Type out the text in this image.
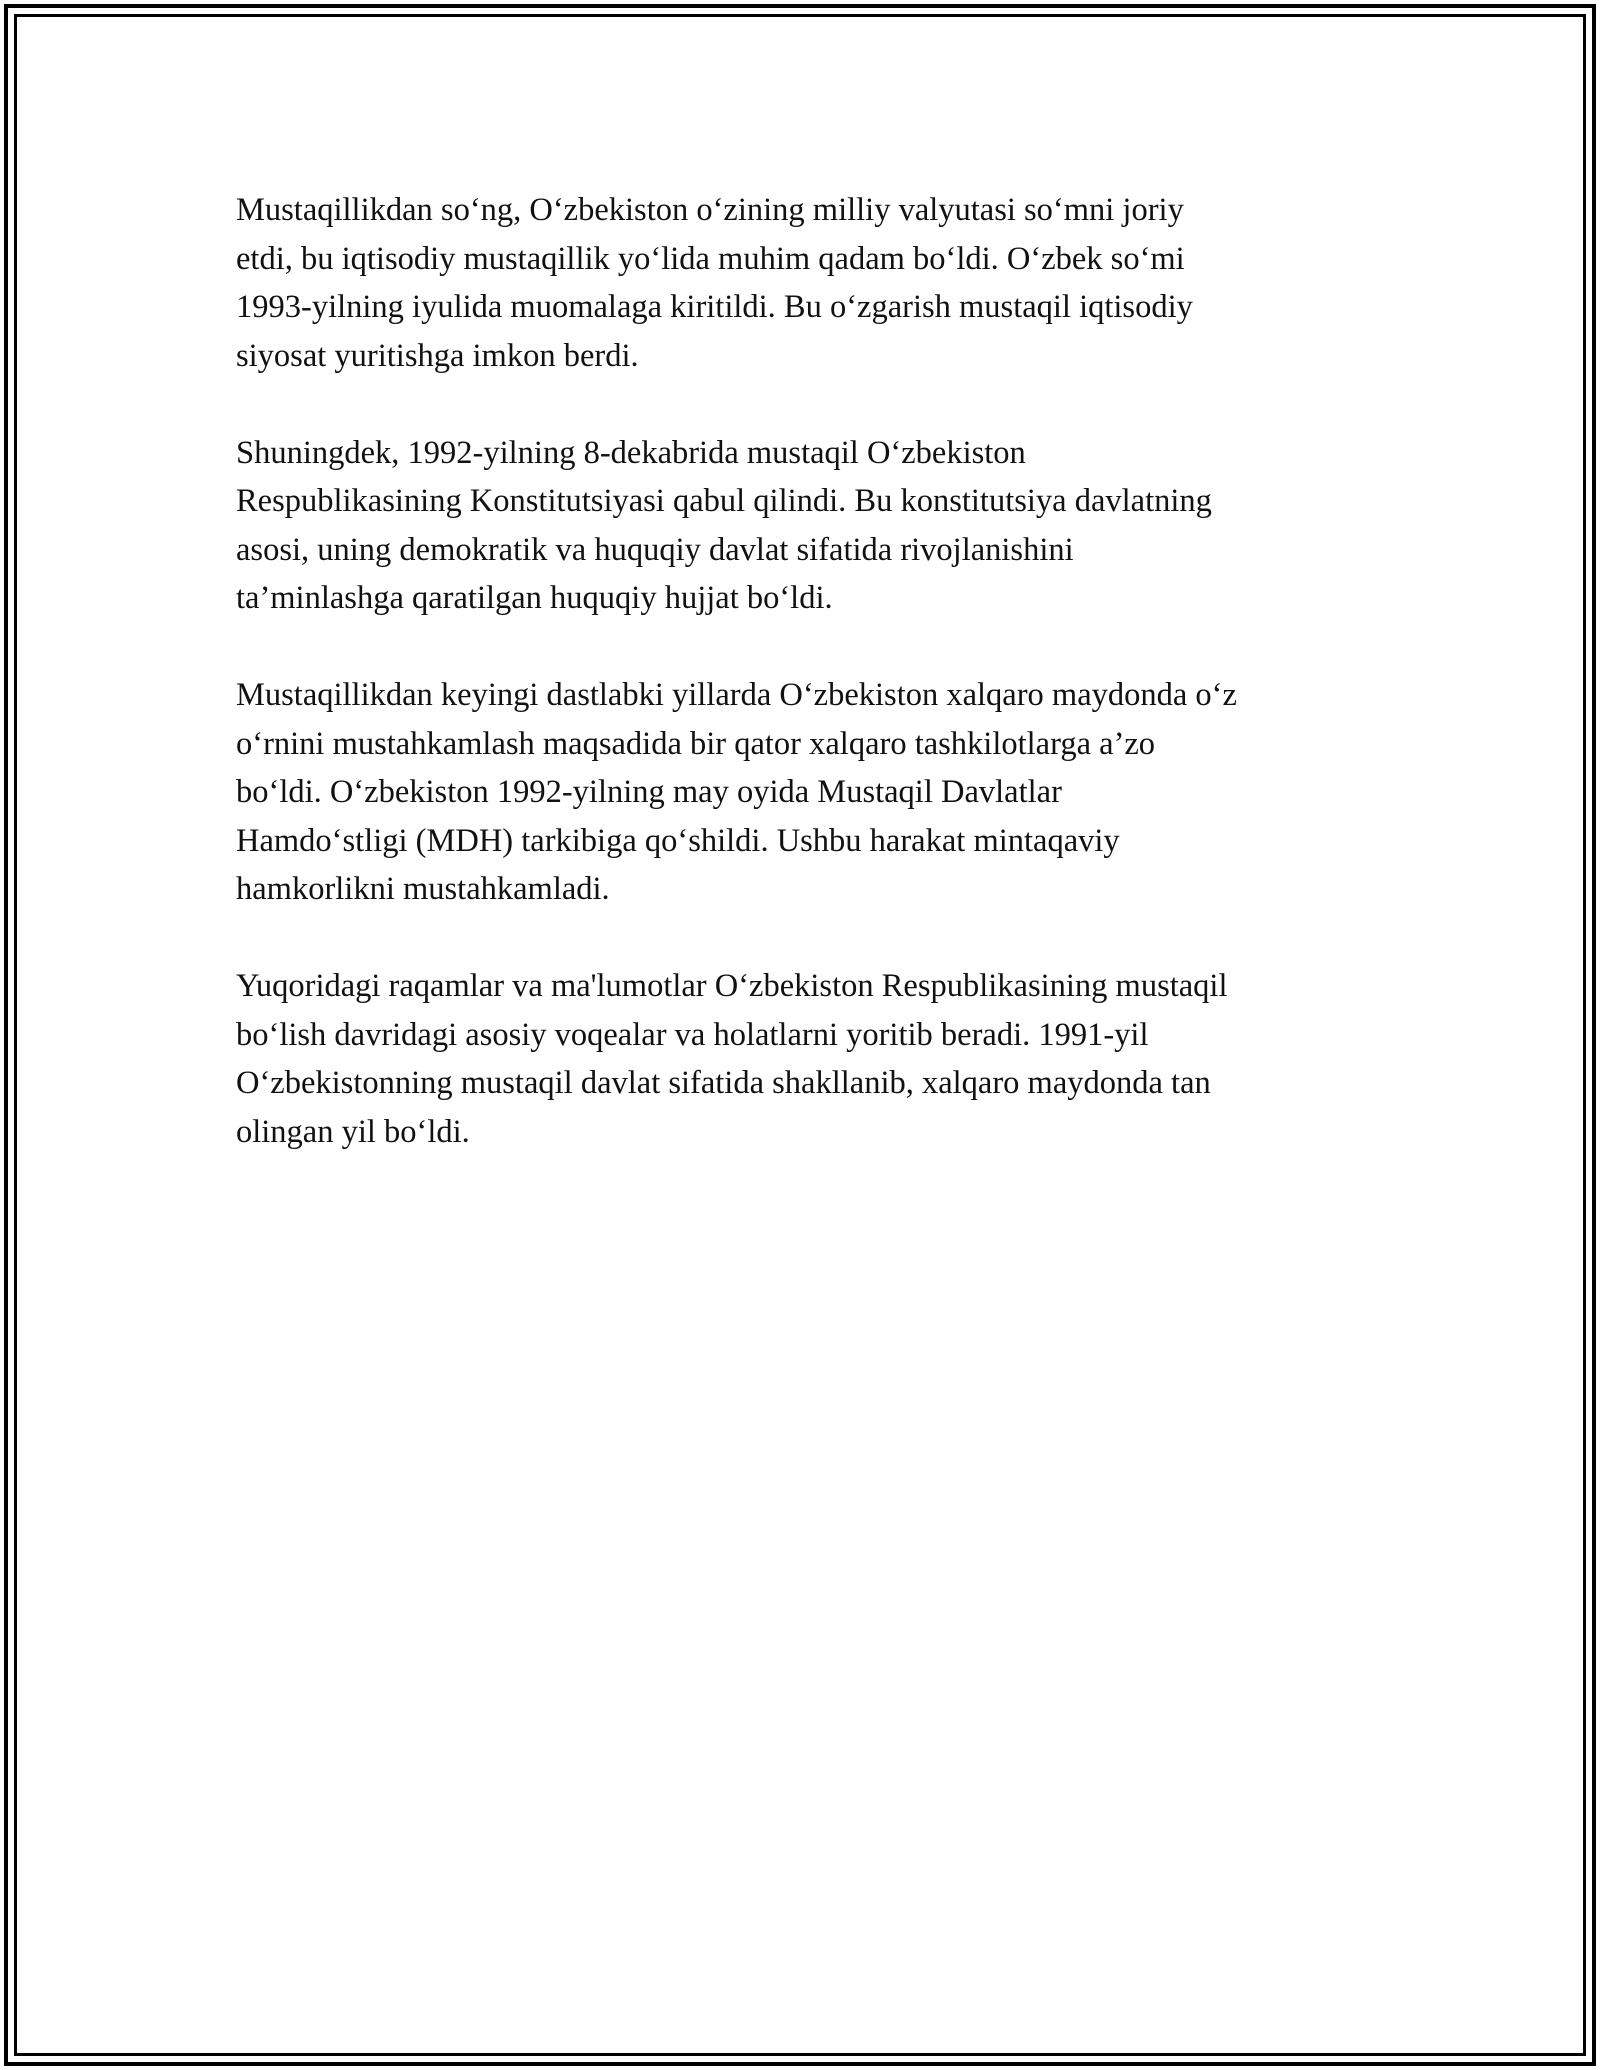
Mustaqillikdan so‘ng, O‘zbekiston o‘zining milliy valyutasi so‘mni joriy
etdi, bu iqtisodiy mustaqillik yo‘lida muhim qadam bo‘ldi. O‘zbek so‘mi
1993-yilning iyulida muomalaga kiritildi. Bu o‘zgarish mustaqil iqtisodiy
siyosat yuritishga imkon berdi.

Shuningdek, 1992-yilning 8-dekabrida mustaqil O‘zbekiston
Respublikasining Konstitutsiyasi qabul qilindi. Bu konstitutsiya davlatning
asosi, uning demokratik va huquqiy davlat sifatida rivojlanishini
ta’minlashga qaratilgan huquqiy hujjat bo‘ldi.

Mustaqillikdan keyingi dastlabki yillarda O‘zbekiston xalqaro maydonda o‘z
o‘rnini mustahkamlash maqsadida bir qator xalqaro tashkilotlarga a’zo
bo‘ldi. O‘zbekiston 1992-yilning may oyida Mustaqil Davlatlar
Hamdo‘stligi (MDH) tarkibiga qo‘shildi. Ushbu harakat mintaqaviy
hamkorlikni mustahkamladi.

Yuqoridagi raqamlar va ma'lumotlar O‘zbekiston Respublikasining mustaqil
bo‘lish davridagi asosiy voqealar va holatlarni yoritib beradi. 1991-yil
O‘zbekistonning mustaqil davlat sifatida shakllanib, xalqaro maydonda tan
olingan yil bo‘ldi.
